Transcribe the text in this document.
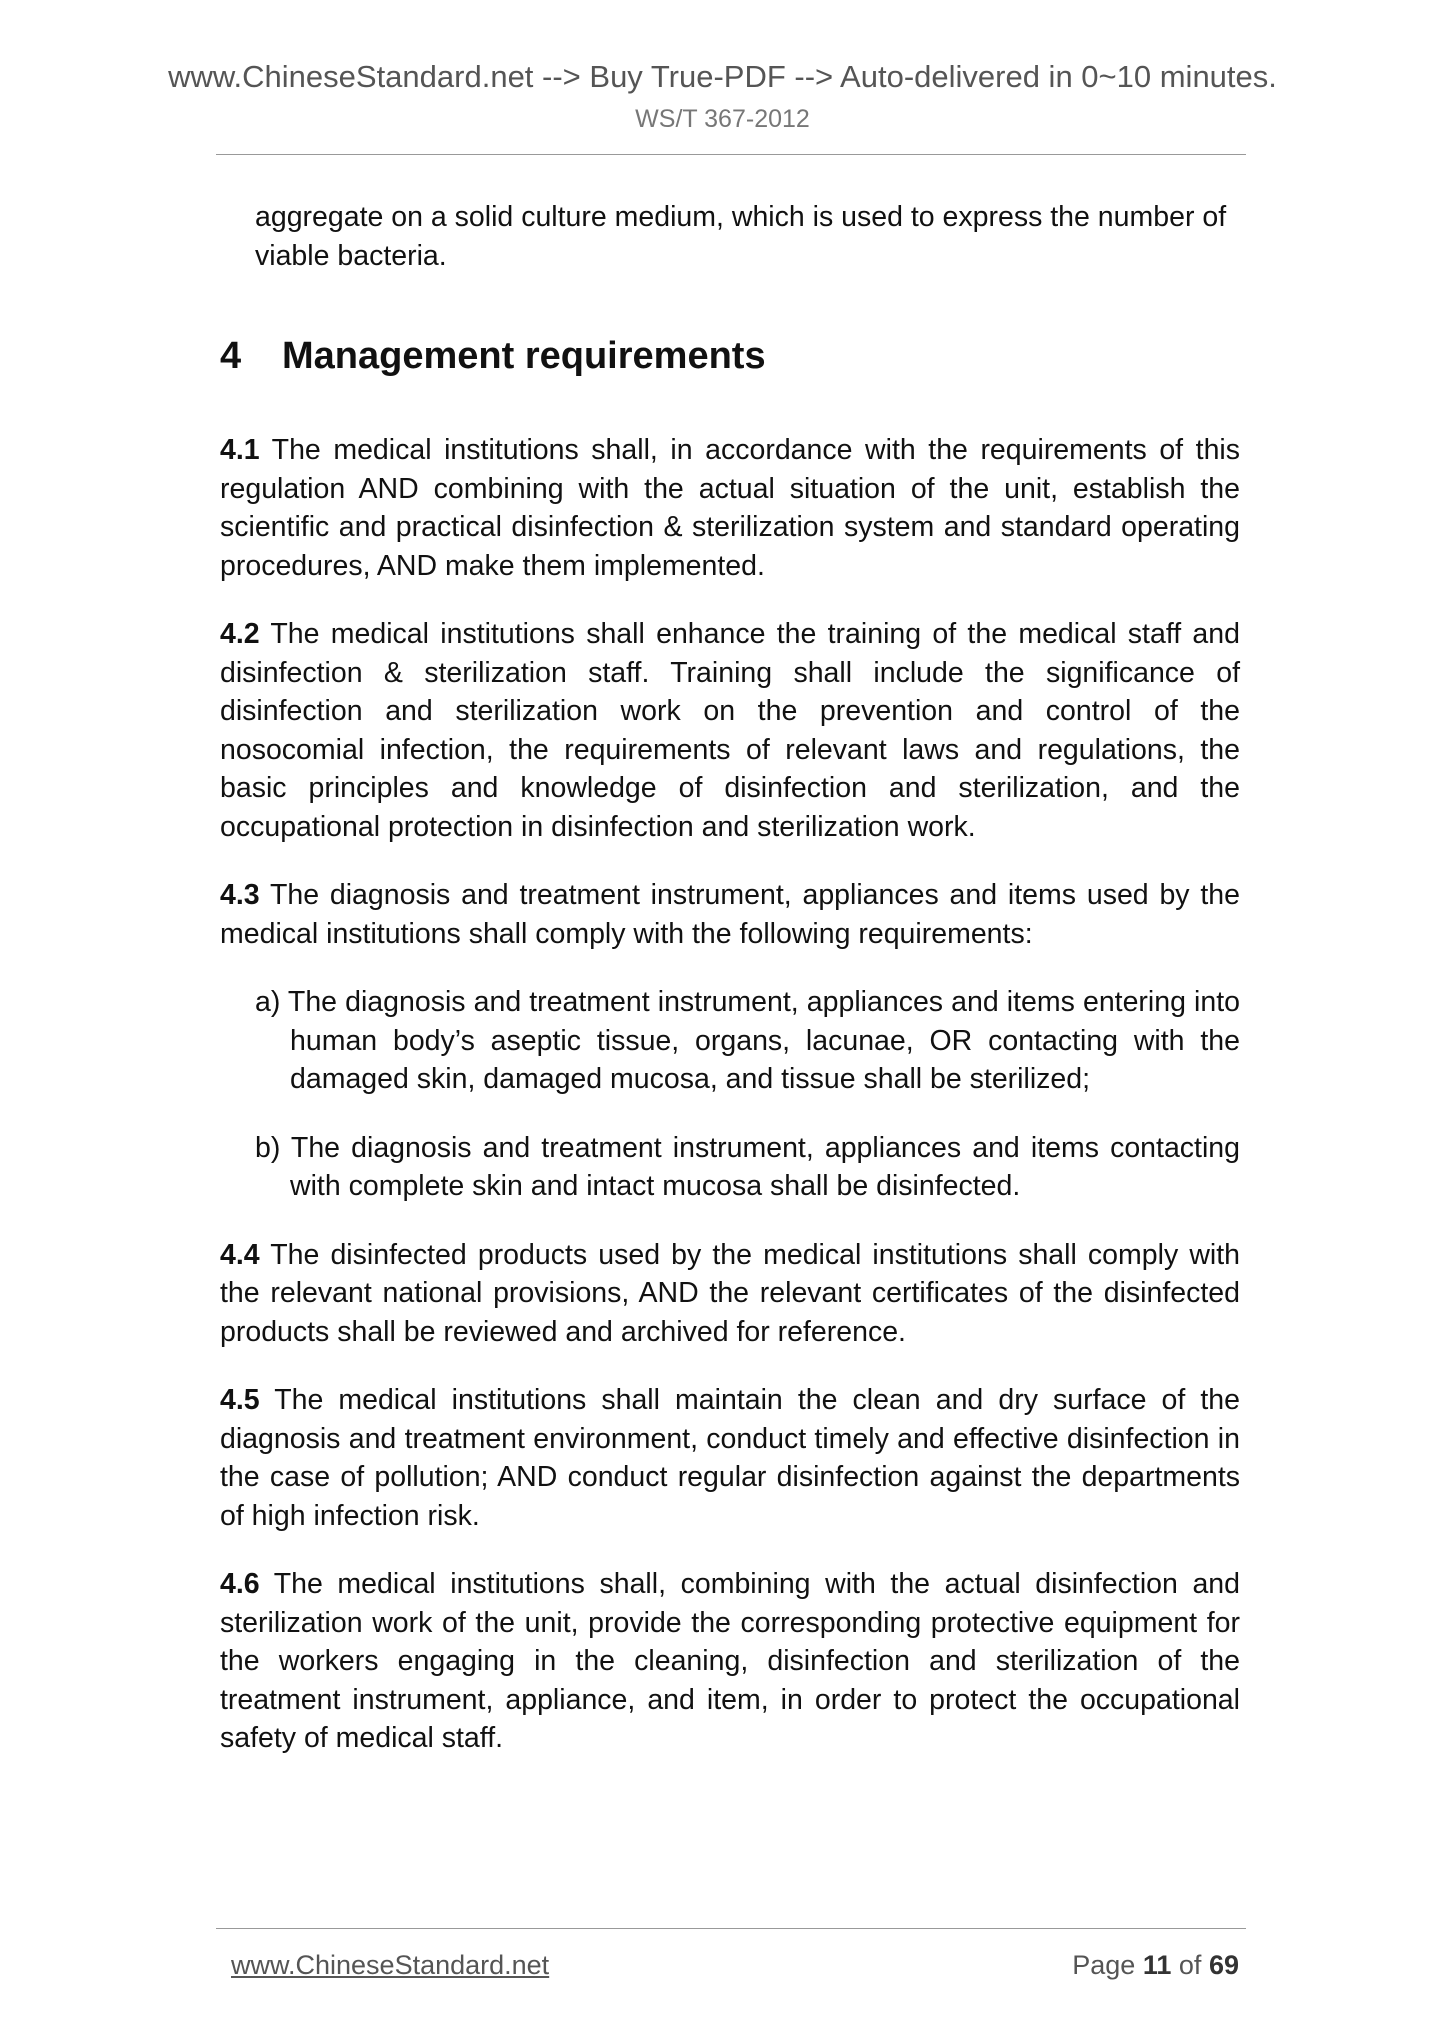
www.ChineseStandard.net --> Buy True-PDF --> Auto-delivered in 0~10 minutes.
WS/T 367-2012

aggregate on a solid culture medium, which is used to express the number of viable bacteria.

4 Management requirements

4.1 The medical institutions shall, in accordance with the requirements of this regulation AND combining with the actual situation of the unit, establish the scientific and practical disinfection & sterilization system and standard operating procedures, AND make them implemented.

4.2 The medical institutions shall enhance the training of the medical staff and disinfection & sterilization staff. Training shall include the significance of disinfection and sterilization work on the prevention and control of the nosocomial infection, the requirements of relevant laws and regulations, the basic principles and knowledge of disinfection and sterilization, and the occupational protection in disinfection and sterilization work.

4.3 The diagnosis and treatment instrument, appliances and items used by the medical institutions shall comply with the following requirements:

a) The diagnosis and treatment instrument, appliances and items entering into human body’s aseptic tissue, organs, lacunae, OR contacting with the damaged skin, damaged mucosa, and tissue shall be sterilized;

b) The diagnosis and treatment instrument, appliances and items contacting with complete skin and intact mucosa shall be disinfected.

4.4 The disinfected products used by the medical institutions shall comply with the relevant national provisions, AND the relevant certificates of the disinfected products shall be reviewed and archived for reference.

4.5 The medical institutions shall maintain the clean and dry surface of the diagnosis and treatment environment, conduct timely and effective disinfection in the case of pollution; AND conduct regular disinfection against the departments of high infection risk.

4.6 The medical institutions shall, combining with the actual disinfection and sterilization work of the unit, provide the corresponding protective equipment for the workers engaging in the cleaning, disinfection and sterilization of the treatment instrument, appliance, and item, in order to protect the occupational safety of medical staff.

www.ChineseStandard.net	Page 11 of 69
